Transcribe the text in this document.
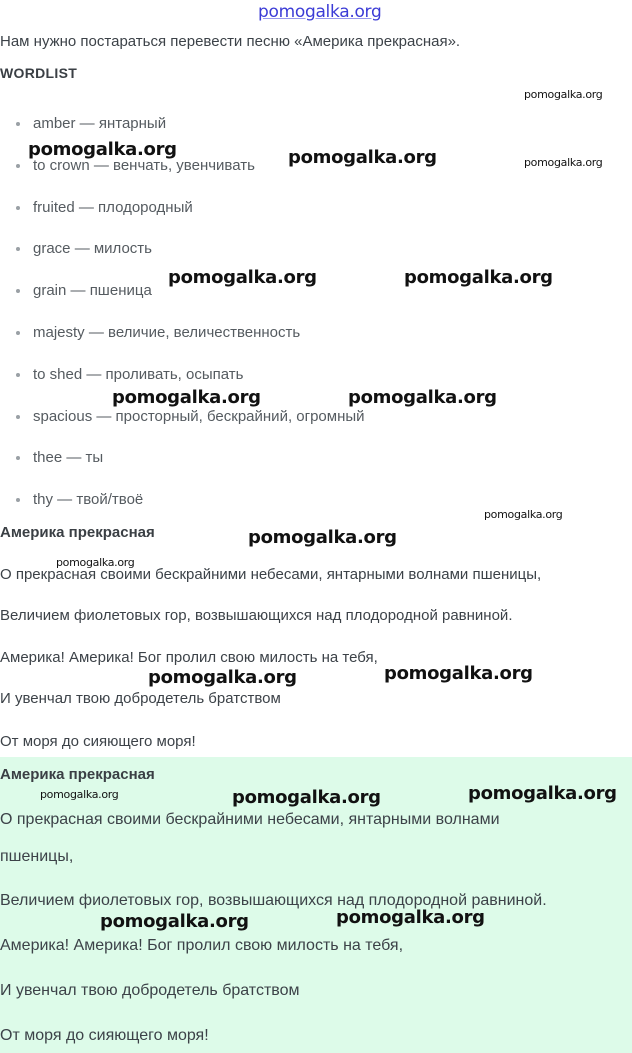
pomogalka.org
Нам нужно постараться перевести песню «Америка прекрасная».
WORDLIST
amber — янтарный
to crown — венчать, увенчивать
fruited — плодородный
grace — милость
grain — пшеница
majesty — величие, величественность
to shed — проливать, осыпать
spacious — просторный, бескрайний, огромный
thee — ты
thy — твой/твоё
Америка прекрасная
О прекрасная своими бескрайними небесами, янтарными волнами пшеницы,
Величием фиолетовых гор, возвышающихся над плодородной равниной.
Америка! Америка! Бог пролил свою милость на тебя,
И увенчал твою добродетель братством
От моря до сияющего моря!
Америка прекрасная
О прекрасная своими бескрайними небесами, янтарными волнами
пшеницы,
Величием фиолетовых гор, возвышающихся над плодородной равниной.
Америка! Америка! Бог пролил свою милость на тебя,
И увенчал твою добродетель братством
От моря до сияющего моря!
pomogalka.org
pomogalka.org	pomogalka.org	pomogalka.org
pomogalka.org	pomogalka.org
pomogalka.org	pomogalka.org
pomogalka.org
pomogalka.org
pomogalka.org
pomogalka.org	pomogalka.org
pomogalka.org	pomogalka.org	pomogalka.org
pomogalka.org	pomogalka.org
